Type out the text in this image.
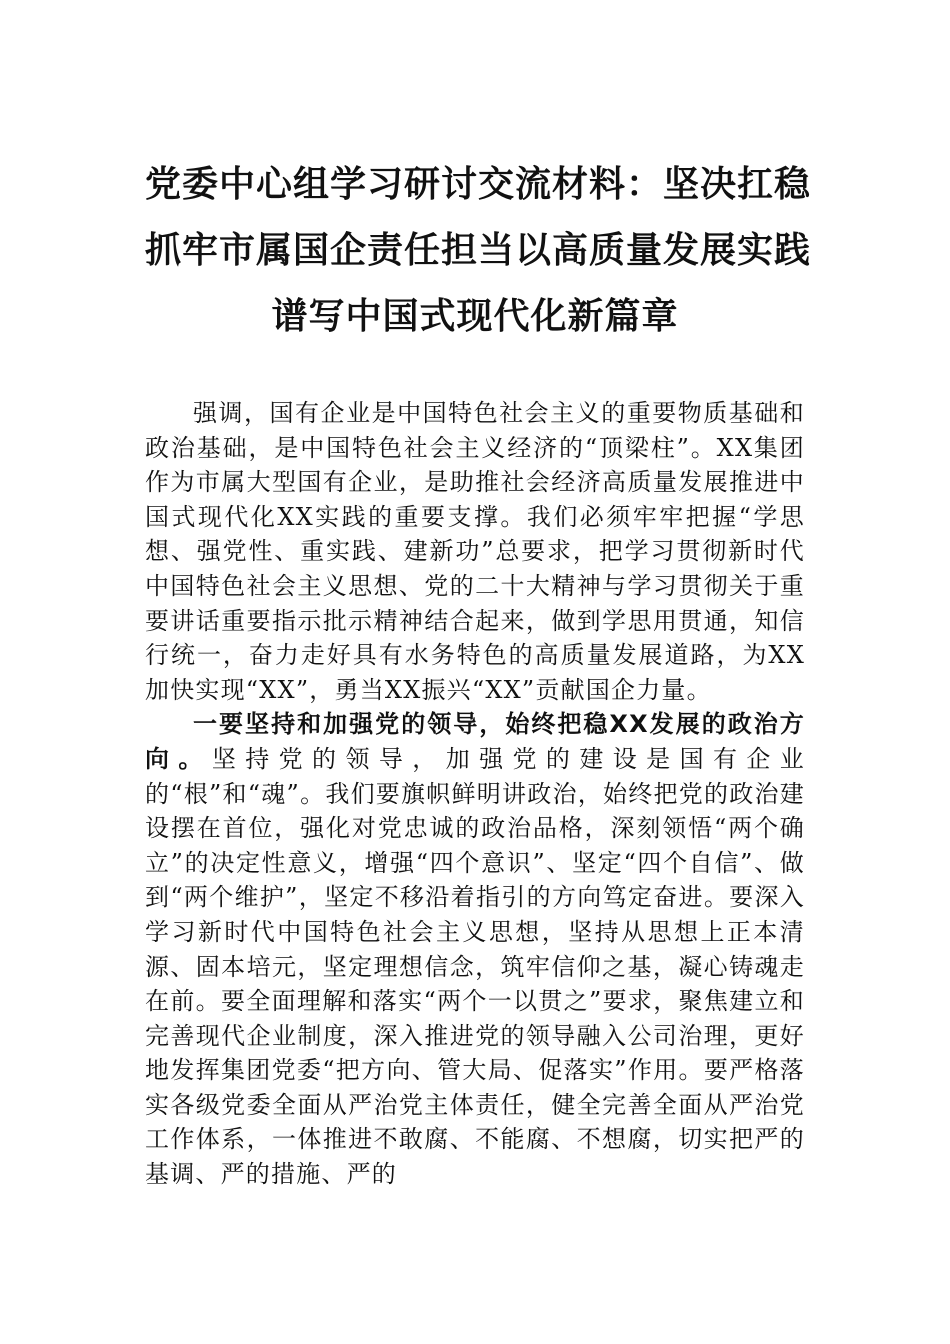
党委中心组学习研讨交流材料：坚决扛稳
抓牢市属国企责任担当以高质量发展实践
谱写中国式现代化新篇章

强调，国有企业是中国特色社会主义的重要物质基础和政治基础，是中国特色社会主义经济的“顶梁柱”。XX集团作为市属大型国有企业，是助推社会经济高质量发展推进中国式现代化XX实践的重要支撑。我们必须牢牢把握“学思想、强党性、重实践、建新功”总要求，把学习贯彻新时代中国特色社会主义思想、党的二十大精神与学习贯彻关于重要讲话重要指示批示精神结合起来，做到学思用贯通，知信行统一，奋力走好具有水务特色的高质量发展道路，为XX加快实现“XX”，勇当XX振兴“XX”贡献国企力量。

一要坚持和加强党的领导，始终把稳XX发展的政治方向。坚持党的领导，加强党的建设是国有企业的“根”和“魂”。我们要旗帜鲜明讲政治，始终把党的政治建设摆在首位，强化对党忠诚的政治品格，深刻领悟“两个确立”的决定性意义，增强“四个意识”、坚定“四个自信”、做到“两个维护”，坚定不移沿着指引的方向笃定奋进。要深入学习新时代中国特色社会主义思想，坚持从思想上正本清源、固本培元，坚定理想信念，筑牢信仰之基，凝心铸魂走在前。要全面理解和落实“两个一以贯之”要求，聚焦建立和完善现代企业制度，深入推进党的领导融入公司治理，更好地发挥集团党委“把方向、管大局、促落实”作用。要严格落实各级党委全面从严治党主体责任，健全完善全面从严治党工作体系，一体推进不敢腐、不能腐、不想腐，切实把严的基调、严的措施、严的
